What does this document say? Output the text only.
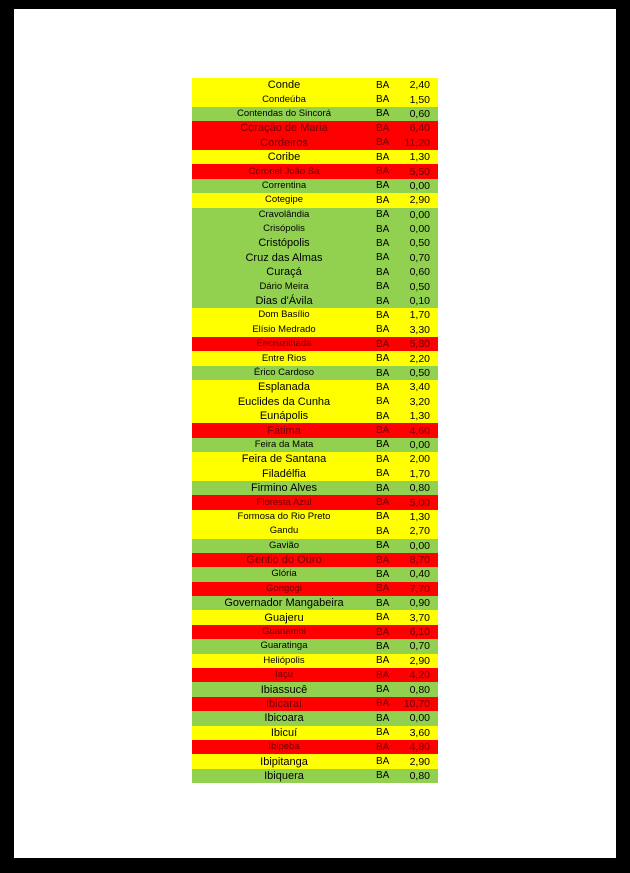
Conde	BA	2,40
Condeúba	BA	1,50
Contendas do Sincorá	BA	0,60
Coração de Maria	BA	6,40
Cordeiros	BA	11,20
Coribe	BA	1,30
Coronel João Sá	BA	5,50
Correntina	BA	0,00
Cotegipe	BA	2,90
Cravolândia	BA	0,00
Crisópolis	BA	0,00
Cristópolis	BA	0,50
Cruz das Almas	BA	0,70
Curaçá	BA	0,60
Dário Meira	BA	0,50
Dias d'Ávila	BA	0,10
Dom Basílio	BA	1,70
Elísio Medrado	BA	3,30
Encruzilhada	BA	5,80
Entre Rios	BA	2,20
Érico Cardoso	BA	0,50
Esplanada	BA	3,40
Euclides da Cunha	BA	3,20
Eunápolis	BA	1,30
Fátima	BA	4,60
Feira da Mata	BA	0,00
Feira de Santana	BA	2,00
Filadélfia	BA	1,70
Firmino Alves	BA	0,80
Floresta Azul	BA	5,00
Formosa do Rio Preto	BA	1,30
Gandu	BA	2,70
Gavião	BA	0,00
Gentio do Ouro	BA	8,70
Glória	BA	0,40
Gongogi	BA	7,70
Governador Mangabeira	BA	0,90
Guajeru	BA	3,70
Guanambi	BA	6,10
Guaratinga	BA	0,70
Heliópolis	BA	2,90
Iaçu	BA	4,20
Ibiassucê	BA	0,80
Ibicaraí	BA	10,70
Ibicoara	BA	0,00
Ibicuí	BA	3,60
Ibipeba	BA	4,80
Ibipitanga	BA	2,90
Ibiquera	BA	0,80
